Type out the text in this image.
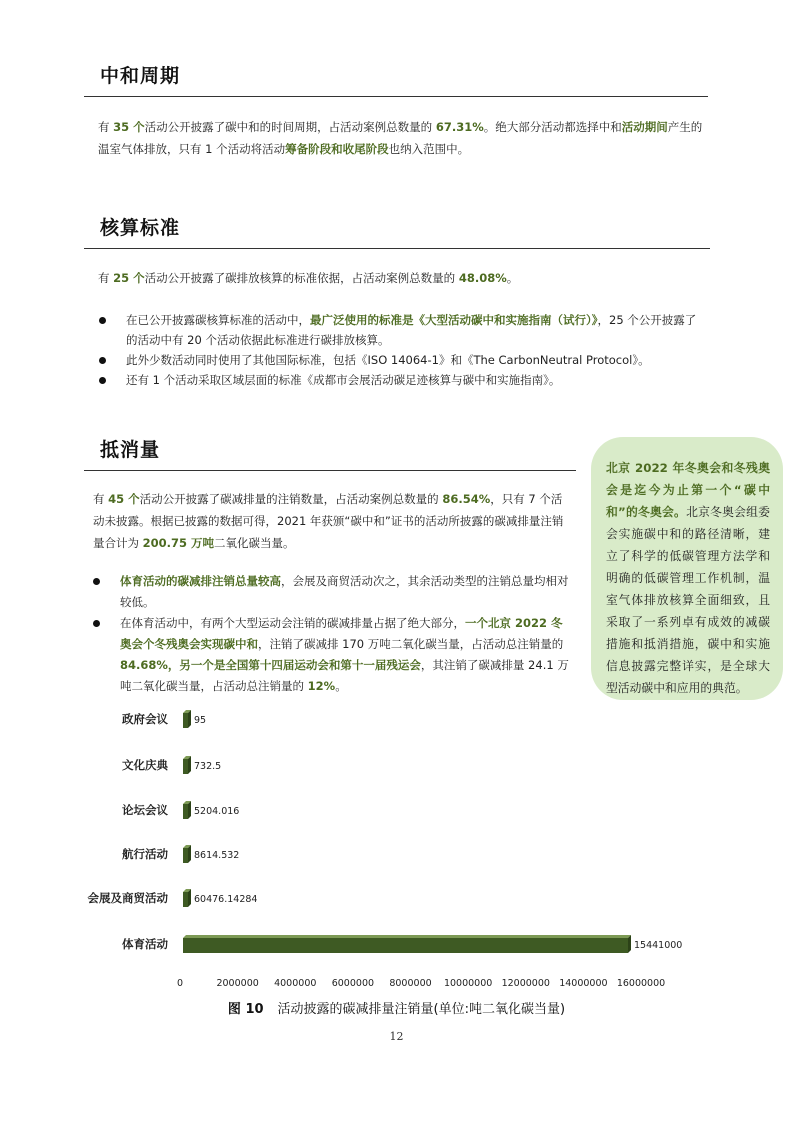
中和周期
有 35 个活动公开披露了碳中和的时间周期，占活动案例总数量的 67.31%。绝大部分活动都选择中和活动期间产生的温室气体排放，只有 1 个活动将活动筹备阶段和收尾阶段也纳入范围中。
核算标准
有 25 个活动公开披露了碳排放核算的标准依据，占活动案例总数量的 48.08%。
在已公开披露碳核算标准的活动中，最广泛使用的标准是《大型活动碳中和实施指南（试行）》，25 个公开披露了的活动中有 20 个活动依据此标准进行碳排放核算。
此外少数活动同时使用了其他国际标准，包括《ISO 14064-1》和《The CarbonNeutral Protocol》。
还有 1 个活动采取区域层面的标准《成都市会展活动碳足迹核算与碳中和实施指南》。
抵消量
有 45 个活动公开披露了碳减排量的注销数量，占活动案例总数量的 86.54%，只有 7 个活动未披露。根据已披露的数据可得，2021 年获颁“碳中和”证书的活动所披露的碳减排量注销量合计为 200.75 万吨二氧化碳当量。
体育活动的碳减排注销总量较高，会展及商贸活动次之，其余活动类型的注销总量均相对较低。
在体育活动中，有两个大型运动会注销的碳减排量占据了绝大部分，一个北京 2022 冬奥会个冬残奥会实现碳中和，注销了碳减排 170 万吨二氧化碳当量，占活动总注销量的 84.68%，另一个是全国第十四届运动会和第十一届残运会，其注销了碳减排量 24.1 万吨二氧化碳当量，占活动总注销量的 12%。
北京 2022 年冬奥会和冬残奥会是迄今为止第一个“碳中和”的冬奥会。北京冬奥会组委会实施碳中和的路径清晰，建立了科学的低碳管理方法学和明确的低碳管理工作机制，温室气体排放核算全面细致，且采取了一系列卓有成效的减碳措施和抵消措施，碳中和实施信息披露完整详实，是全球大型活动碳中和应用的典范。
政府会议	95
文化庆典	732.5
论坛会议	5204.016
航行活动	8614.532
会展及商贸活动	60476.14284
体育活动	15441000
0	2000000 4000000 6000000 8000000 10000000 12000000 14000000 16000000
图 10 活动披露的碳减排量注销量(单位:吨二氧化碳当量)
12
